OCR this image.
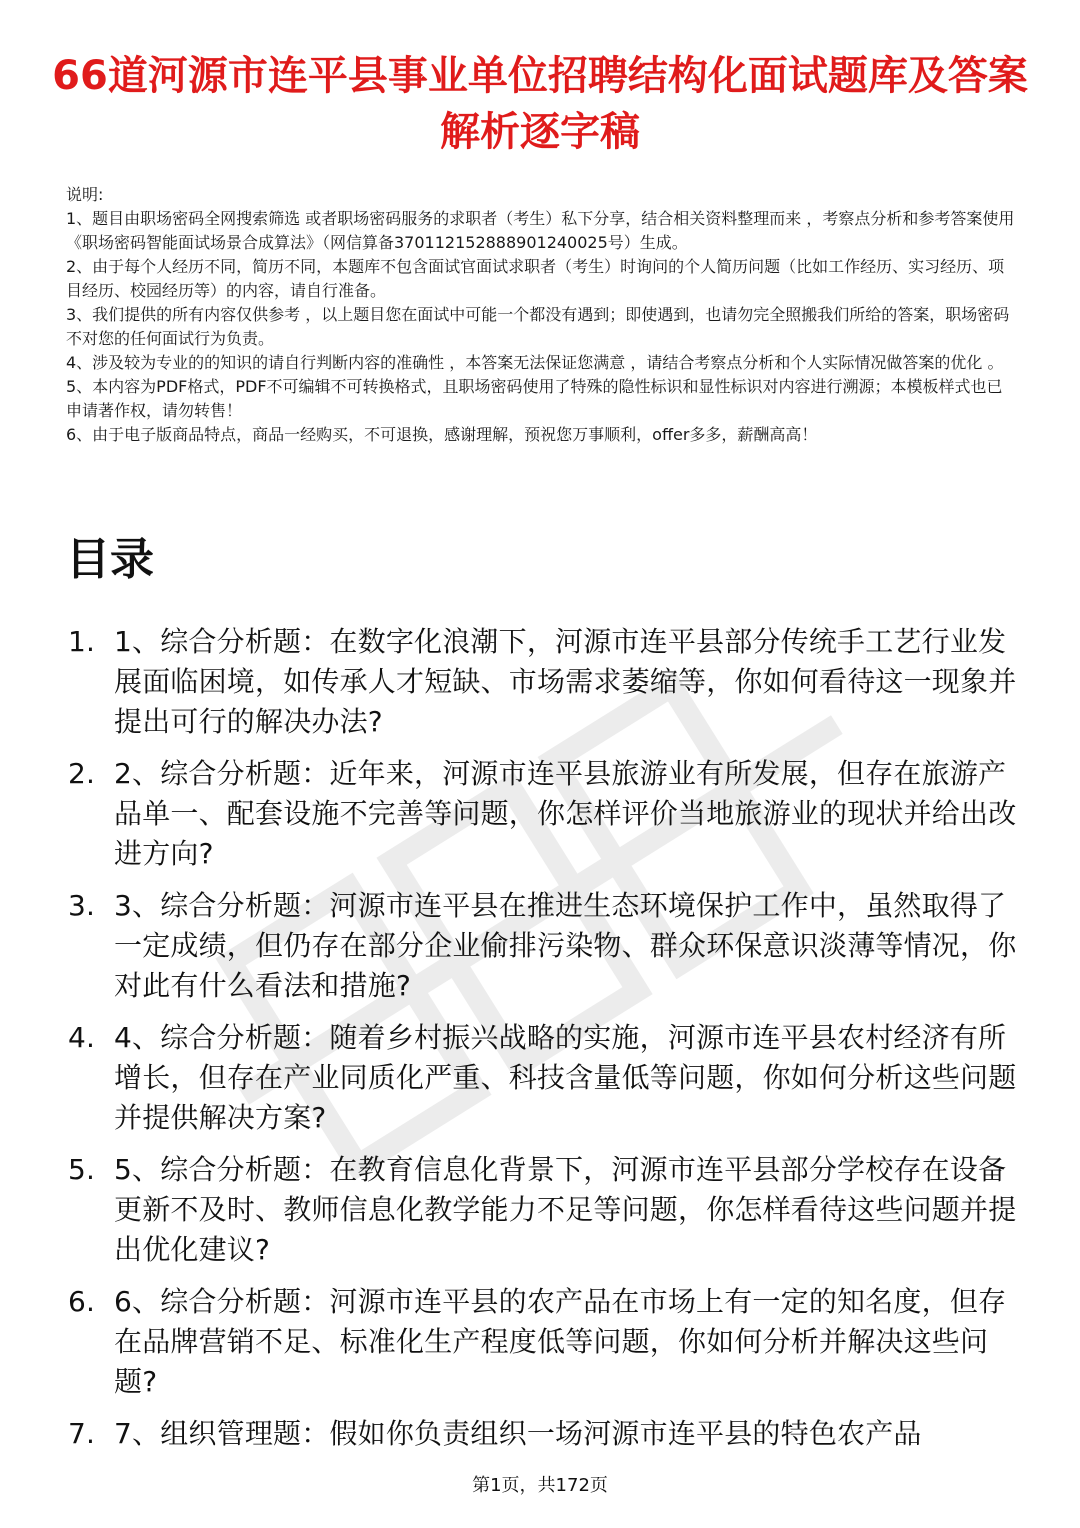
66道河源市连平县事业单位招聘结构化面试题库及答案解析逐字稿

说明:

1、题目由职场密码全网搜索筛选 或者职场密码服务的求职者（考生）私下分享，结合相关资料整理而来 ，考察点分析和参考答案使用《职场密码智能面试场景合成算法》（网信算备370112152888901240025号）生成。

2、由于每个人经历不同，简历不同，本题库不包含面试官面试求职者（考生）时询问的个人简历问题（比如工作经历、实习经历、项目经历、校园经历等）的内容，请自行准备。

3、我们提供的所有内容仅供参考 ，以上题目您在面试中可能一个都没有遇到；即使遇到，也请勿完全照搬我们所给的答案，职场密码不对您的任何面试行为负责。

4、涉及较为专业的的知识的请自行判断内容的准确性 ，本答案无法保证您满意 ，请结合考察点分析和个人实际情况做答案的优化 。

5、本内容为PDF格式，PDF不可编辑不可转换格式，且职场密码使用了特殊的隐性标识和显性标识对内容进行溯源；本模板样式也已申请著作权，请勿转售！

6、由于电子版商品特点，商品一经购买，不可退换，感谢理解，预祝您万事顺利，offer多多，薪酬高高！

目录
1. 1、综合分析题：在数字化浪潮下，河源市连平县部分传统手工艺行业发展面临困境，如传承人才短缺、市场需求萎缩等，你如何看待这一现象并提出可行的解决办法?
2. 2、综合分析题：近年来，河源市连平县旅游业有所发展，但存在旅游产品单一、配套设施不完善等问题，你怎样评价当地旅游业的现状并给出改进方向?
3. 3、综合分析题：河源市连平县在推进生态环境保护工作中，虽然取得了一定成绩，但仍存在部分企业偷排污染物、群众环保意识淡薄等情况，你对此有什么看法和措施?
4. 4、综合分析题：随着乡村振兴战略的实施，河源市连平县农村经济有所增长，但存在产业同质化严重、科技含量低等问题，你如何分析这些问题并提供解决方案?
5. 5、综合分析题：在教育信息化背景下，河源市连平县部分学校存在设备更新不及时、教师信息化教学能力不足等问题，你怎样看待这些问题并提出优化建议?
6. 6、综合分析题：河源市连平县的农产品在市场上有一定的知名度，但存在品牌营销不足、标准化生产程度低等问题，你如何分析并解决这些问题?
7. 7、组织管理题：假如你负责组织一场河源市连平县的特色农产品
第1页，共172页
